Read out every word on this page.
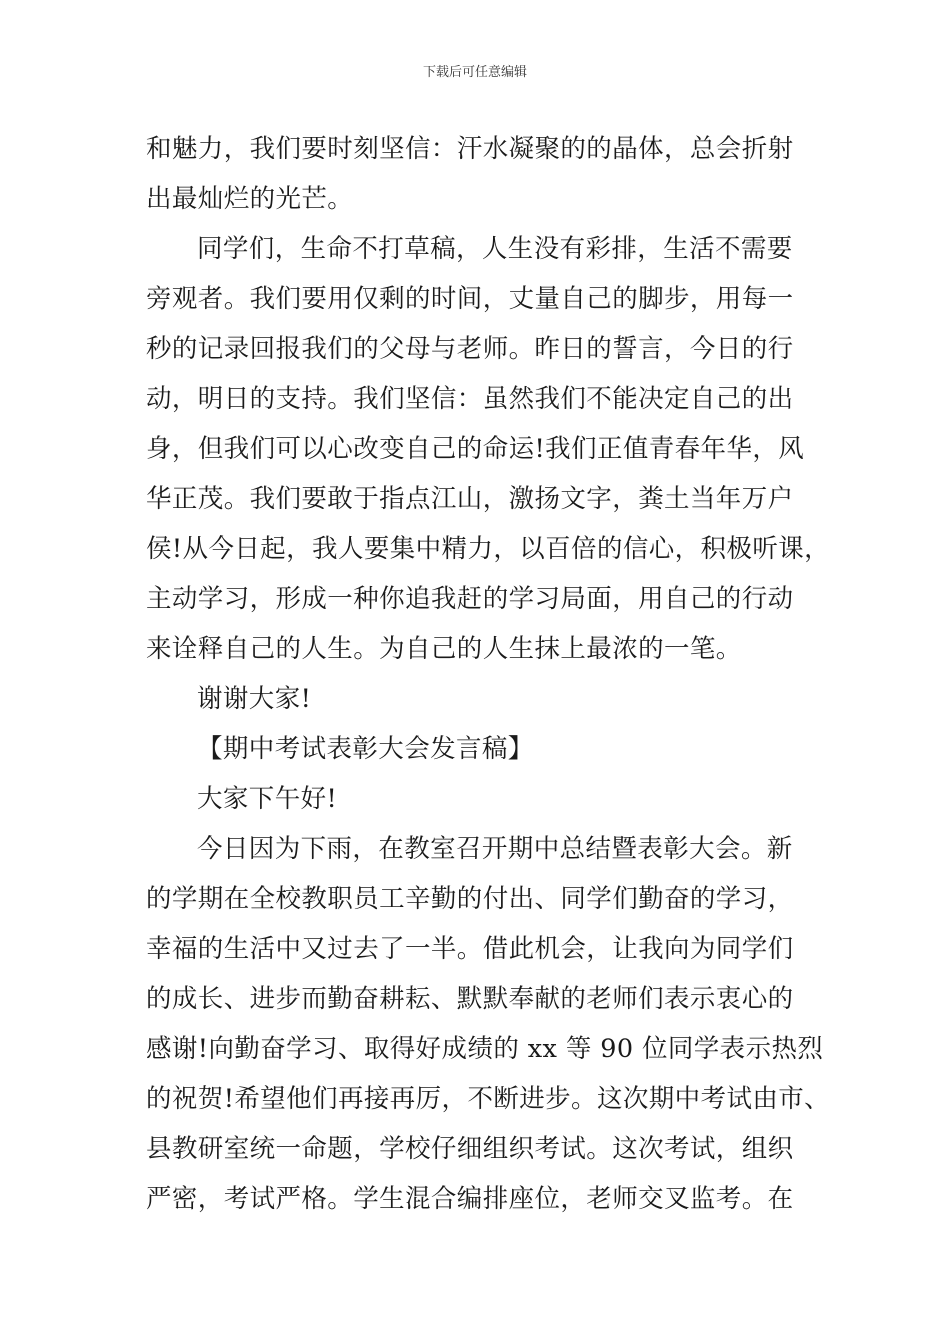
下载后可任意编辑
和魅力，我们要时刻坚信：汗水凝聚的的晶体，总会折射
出最灿烂的光芒。
同学们，生命不打草稿，人生没有彩排，生活不需要
旁观者。我们要用仅剩的时间，丈量自己的脚步，用每一
秒的记录回报我们的父母与老师。昨日的誓言，今日的行
动，明日的支持。我们坚信：虽然我们不能决定自己的出
身，但我们可以心改变自己的命运!我们正值青春年华，风
华正茂。我们要敢于指点江山，激扬文字，粪土当年万户
侯!从今日起，我人要集中精力，以百倍的信心，积极听课，
主动学习，形成一种你追我赶的学习局面，用自己的行动
来诠释自己的人生。为自己的人生抹上最浓的一笔。
谢谢大家!
【期中考试表彰大会发言稿】
大家下午好!
今日因为下雨，在教室召开期中总结暨表彰大会。新
的学期在全校教职员工辛勤的付出、同学们勤奋的学习，
幸福的生活中又过去了一半。借此机会，让我向为同学们
的成长、进步而勤奋耕耘、默默奉献的老师们表示衷心的
感谢!向勤奋学习、取得好成绩的 xx 等 90 位同学表示热烈
的祝贺!希望他们再接再厉，不断进步。这次期中考试由市、
县教研室统一命题，学校仔细组织考试。这次考试，组织
严密，考试严格。学生混合编排座位，老师交叉监考。在
